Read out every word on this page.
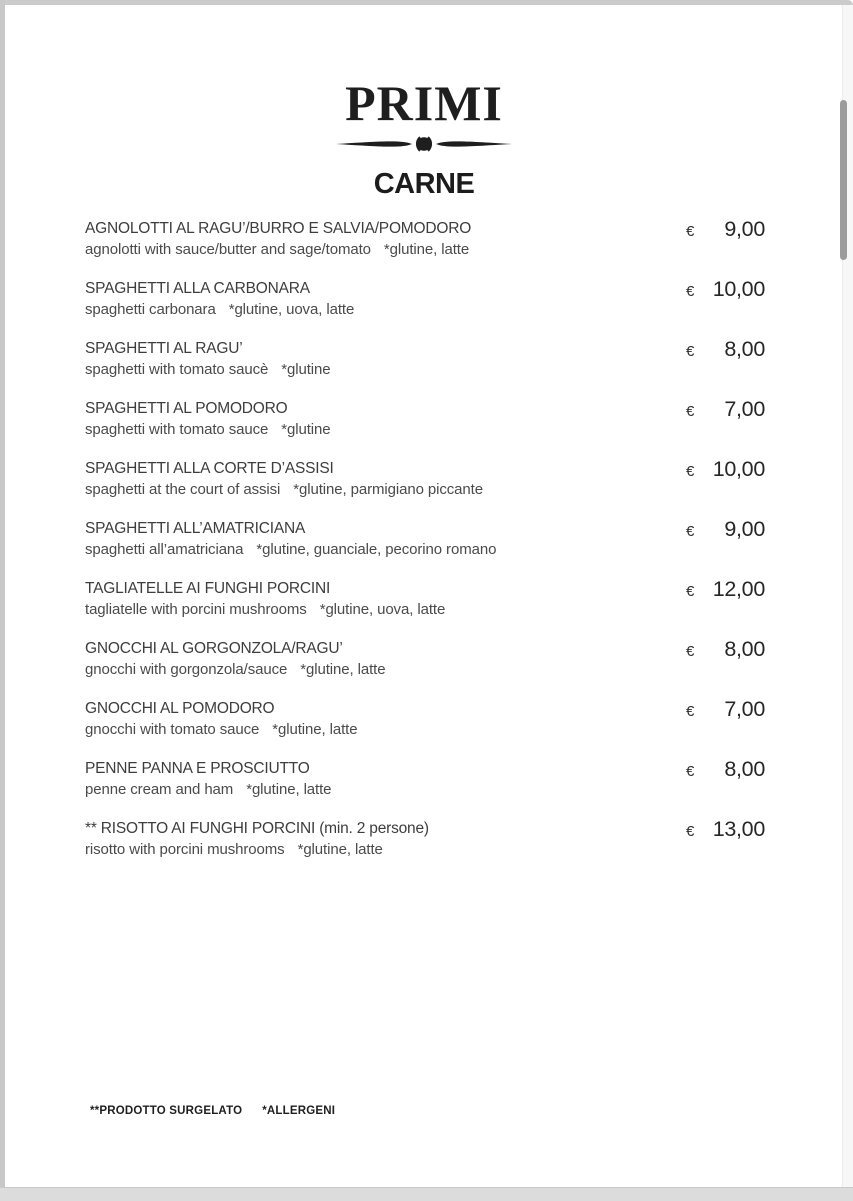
PRIMI
CARNE
AGNOLOTTI AL RAGU’/BURRO E SALVIA/POMODORO
agnolotti with sauce/butter and sage/tomato *glutine, latte
€ 9,00
SPAGHETTI ALLA CARBONARA
spaghetti carbonara *glutine, uova, latte
€ 10,00
SPAGHETTI AL RAGU’
spaghetti with tomato saucè *glutine
€ 8,00
SPAGHETTI AL POMODORO
spaghetti with tomato sauce *glutine
€ 7,00
SPAGHETTI ALLA CORTE D’ASSISI
spaghetti at the court of assisi *glutine, parmigiano piccante
€ 10,00
SPAGHETTI ALL’AMATRICIANA
spaghetti all’amatriciana *glutine, guanciale, pecorino romano
€ 9,00
TAGLIATELLE AI FUNGHI PORCINI
tagliatelle with porcini mushrooms *glutine, uova, latte
€ 12,00
GNOCCHI AL GORGONZOLA/RAGU’
gnocchi with gorgonzola/sauce *glutine, latte
€ 8,00
GNOCCHI AL POMODORO
gnocchi with tomato sauce *glutine, latte
€ 7,00
PENNE PANNA E PROSCIUTTO
penne cream and ham *glutine, latte
€ 8,00
** RISOTTO AI FUNGHI PORCINI (min. 2 persone)
risotto with porcini mushrooms *glutine, latte
€ 13,00
**PRODOTTO SURGELATO *ALLERGENI
